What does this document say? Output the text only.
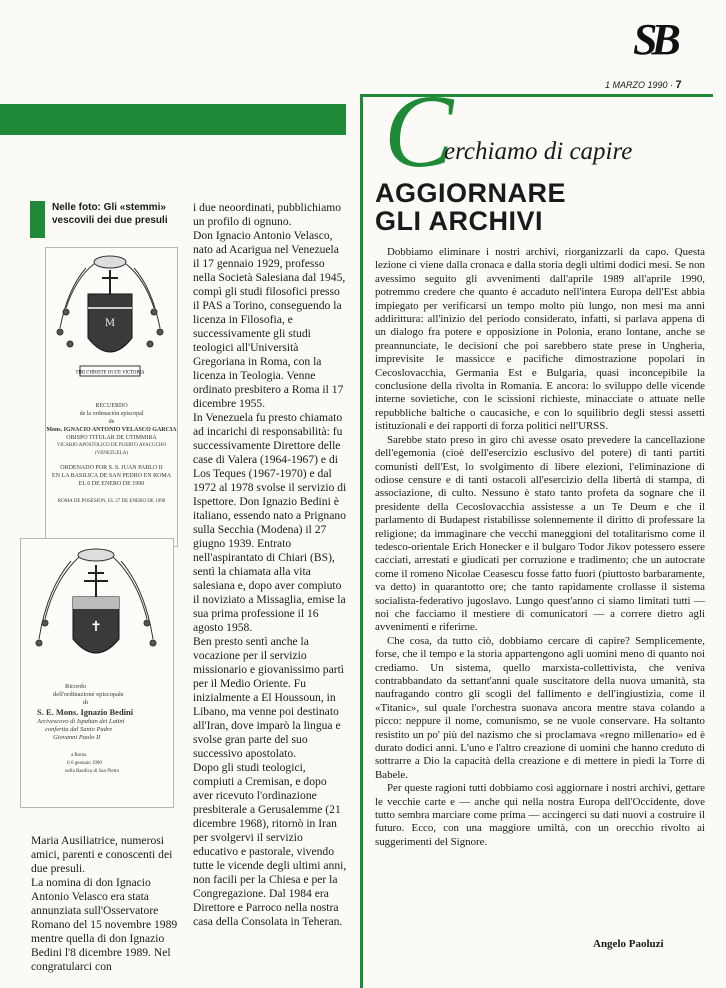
SB
1 MARZO 1990 · 7
C
erchiamo di capire
AGGIORNARE
GLI ARCHIVI
Nelle foto: Gli «stemmi» vescovili dei due presuli
M
TIBI CHRISTE DUCE VICTORIA
RECUERDO
de la ordenación episcopal
de
Mons. IGNACIO ANTONIO VELASCO GARCIA
OBISPO TITULAR DE UTIMMIRA
VICARIO APOSTOLICO DE PUERTO AYACUCHO (VENEZUELA)
ORDENADO POR S. S. JUAN PABLO II
EN LA BASILICA DE SAN PEDRO EN ROMA
EL 6 DE ENERO DE 1990
ROMA DE POSESION, EL 27 DE ENERO DE 1990
✝
Ricordo
dell'ordinazione episcopale
di
S. E. Mons. Ignazio Bedini
Arcivescovo di Ispahan dei Latini
conferita dal Santo Padre
Giovanni Paolo II
a Roma
il 6 gennaio 1990
nella Basilica di San Pietro

i due neoordinati, pubblichiamo un profilo di ognuno.

Don Ignacio Antonio Velasco, nato ad Acarigua nel Venezuela il 17 gennaio 1929, professo nella Società Salesiana dal 1945, compì gli studi filosofici presso il PAS a Torino, conseguendo la licenza in Filosofia, e successivamente gli studi teologici all'Università Gregoriana in Roma, con la licenza in Teologia. Venne ordinato presbitero a Roma il 17 dicembre 1955.

In Venezuela fu presto chiamato ad incarichi di responsabilità: fu successivamente Direttore delle case di Valera (1964-1967) e di Los Teques (1967-1970) e dal 1972 al 1978 svolse il servizio di Ispettore. Don Ignazio Bedini è italiano, essendo nato a Prignano sulla Secchia (Modena) il 27 giugno 1939. Entrato nell'aspirantato di Chiari (BS), sentì la chiamata alla vita salesiana e, dopo aver compiuto il noviziato a Missaglia, emise la sua prima professione il 16 agosto 1958.

Ben presto sentì anche la vocazione per il servizio missionario e giovanissimo partì per il Medio Oriente. Fu inizialmente a El Houssoun, in Libano, ma venne poi destinato all'Iran, dove imparò la lingua e svolse gran parte del suo successivo apostolato.

Dopo gli studi teologici, compiuti a Cremisan, e dopo aver ricevuto l'ordinazione presbiterale a Gerusalemme (21 dicembre 1968), ritornò in Iran per svolgervi il servizio educativo e pastorale, vivendo tutte le vicende degli ultimi anni, non facili per la Chiesa e per la Congregazione. Dal 1984 era Direttore e Parroco nella nostra casa della Consolata in Teheran.

Maria Ausiliatrice, numerosi amici, parenti e conoscenti dei due presuli.

La nomina di don Ignacio Antonio Velasco era stata annunziata sull'Osservatore Romano del 15 novembre 1989 mentre quella di don Ignazio Bedini l'8 dicembre 1989. Nel congratularci con

Dobbiamo eliminare i nostri archivi, riorganizzarli da capo. Questa lezione ci viene dalla cronaca e dalla storia degli ultimi dodici mesi. Se non avessimo seguito gli avvenimenti dall'aprile 1989 all'aprile 1990, potremmo credere che quanto è accaduto nell'intera Europa dell'Est abbia impiegato per verificarsi un tempo molto più lungo, non mesi ma anni addirittura: all'inizio del periodo considerato, infatti, si parlava appena di un dialogo fra potere e opposizione in Polonia, erano lontane, anche se preannunciate, le decisioni che poi sarebbero state prese in Ungheria, imprevisite le massicce e pacifiche dimostrazione popolari in Cecoslovacchia, Germania Est e Bulgaria, quasi inconcepibile la conclusione della rivolta in Romania. E ancora: lo sviluppo delle vicende interne sovietiche, con le scissioni richieste, minacciate o attuate nelle repubbliche baltiche o caucasiche, e con lo squilibrio degli stessi assetti istituzionali e dei rapporti di forza politici nell'URSS.

Sarebbe stato preso in giro chi avesse osato prevedere la cancellazione dell'egemonia (cioè dell'esercizio esclusivo del potere) di tanti partiti comunisti dell'Est, lo svolgimento di libere elezioni, l'eliminazione di odiose censure e di tanti ostacoli all'esercizio della libertà di stampa, di associazione, di culto. Nessuno è stato tanto profeta da sognare che il presidente della Cecoslovacchia assistesse a un Te Deum e che il parlamento di Budapest ristabilisse solennemente il diritto di professare la religione; da immaginare che vecchi maneggioni del totalitarismo come il tedesco-orientale Erich Honecker e il bulgaro Todor Jikov potessero essere cacciati, arrestati e giudicati per corruzione e tradimento; che un autocrate come il romeno Nicolae Ceasescu fosse fatto fuori (piuttosto barbaramente, va detto) in quarantotto ore; che tanto rapidamente crollasse il sistema socialista-federativo jugoslavo. Lungo quest'anno ci siamo limitati tutti — noi che facciamo il mestiere di comunicatori — a correre dietro agli avvenimenti e riferirne.

Che cosa, da tutto ciò, dobbiamo cercare di capire? Semplicemente, forse, che il tempo e la storia appartengono agli uomini meno di quanto noi crediamo. Un sistema, quello marxista-collettivista, che veniva contrabbandato da settant'anni quale suscitatore della nuova umanità, sta naufragando contro gli scogli del fallimento e dell'ingiustizia, come il «Titanic», sul quale l'orchestra suonava ancora mentre stava colando a picco: neppure il nome, comunismo, se ne vuole conservare. Ha soltanto resistito un po' più del nazismo che si proclamava «regno millenario» ed è durato dodici anni. L'uno e l'altro creazione di uomini che hanno creduto di sottrarre a Dio la capacità della creazione e di mettere in piedi la Torre di Babele.

Per queste ragioni tutti dobbiamo così aggiornare i nostri archivi, gettare le vecchie carte e — anche qui nella nostra Europa dell'Occidente, dove tutto sembra marciare come prima — accingerci su dati nuovi a costruire il futuro. Ecco, con una maggiore umiltà, con un orecchio rivolto ai suggerimenti del Signore.

Angelo Paoluzi
